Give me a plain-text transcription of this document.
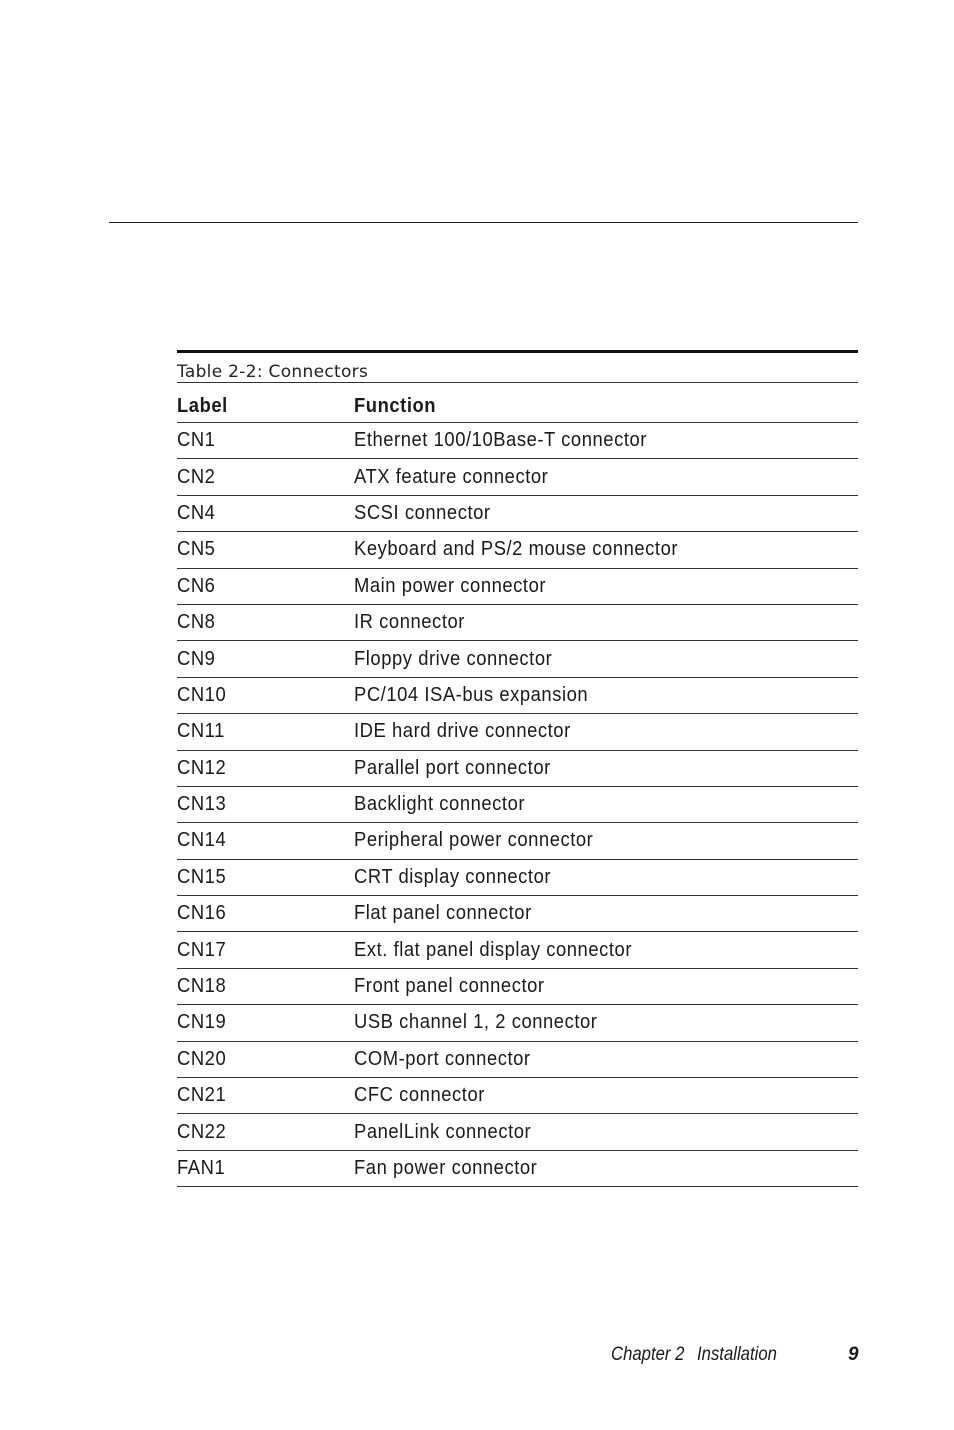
Table 2-2: Connectors
Label	Function
CN1	Ethernet 100/10Base-T connector
CN2	ATX feature connector
CN4	SCSI connector
CN5	Keyboard and PS/2 mouse connector
CN6	Main power connector
CN8	IR connector
CN9	Floppy drive connector
CN10	PC/104 ISA-bus expansion
CN11	IDE hard drive connector
CN12	Parallel port connector
CN13	Backlight connector
CN14	Peripheral power connector
CN15	CRT display connector
CN16	Flat panel connector
CN17	Ext. flat panel display connector
CN18	Front panel connector
CN19	USB channel 1, 2 connector
CN20	COM-port connector
CN21	CFC connector
CN22	PanelLink connector
FAN1	Fan power connector
Chapter 2 Installation	9
